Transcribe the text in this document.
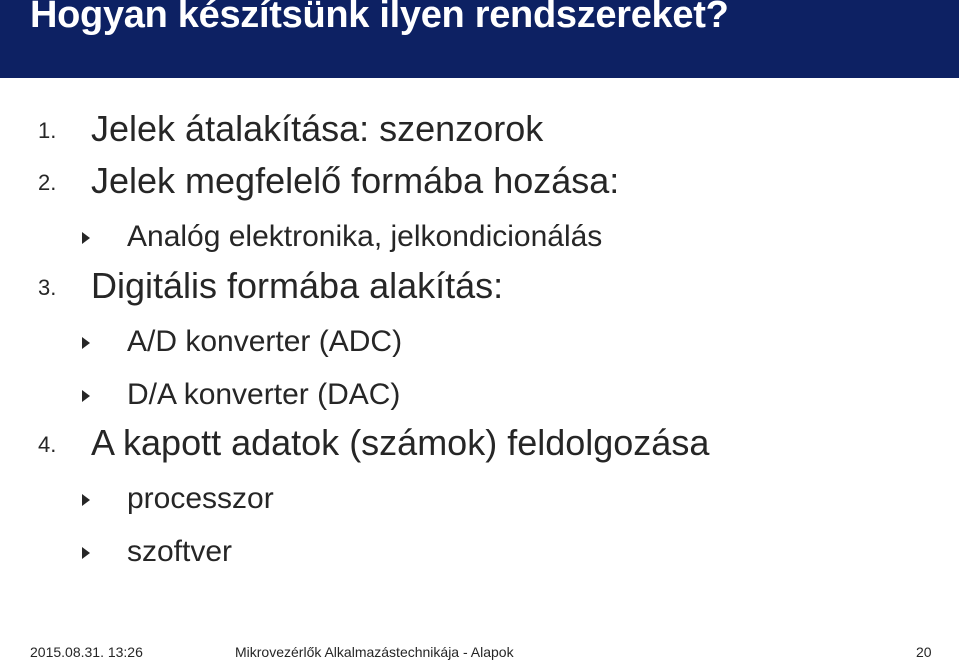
Hogyan készítsünk ilyen rendszereket?
1. Jelek átalakítása: szenzorok
2. Jelek megfelelő formába hozása:
Analóg elektronika, jelkondicionálás
3. Digitális formába alakítás:
A/D konverter (ADC)
D/A konverter (DAC)
4. A kapott adatok (számok) feldolgozása
processzor
szoftver
2015.08.31. 13:26	Mikrovezérlők Alkalmazástechnikája - Alapok	20
